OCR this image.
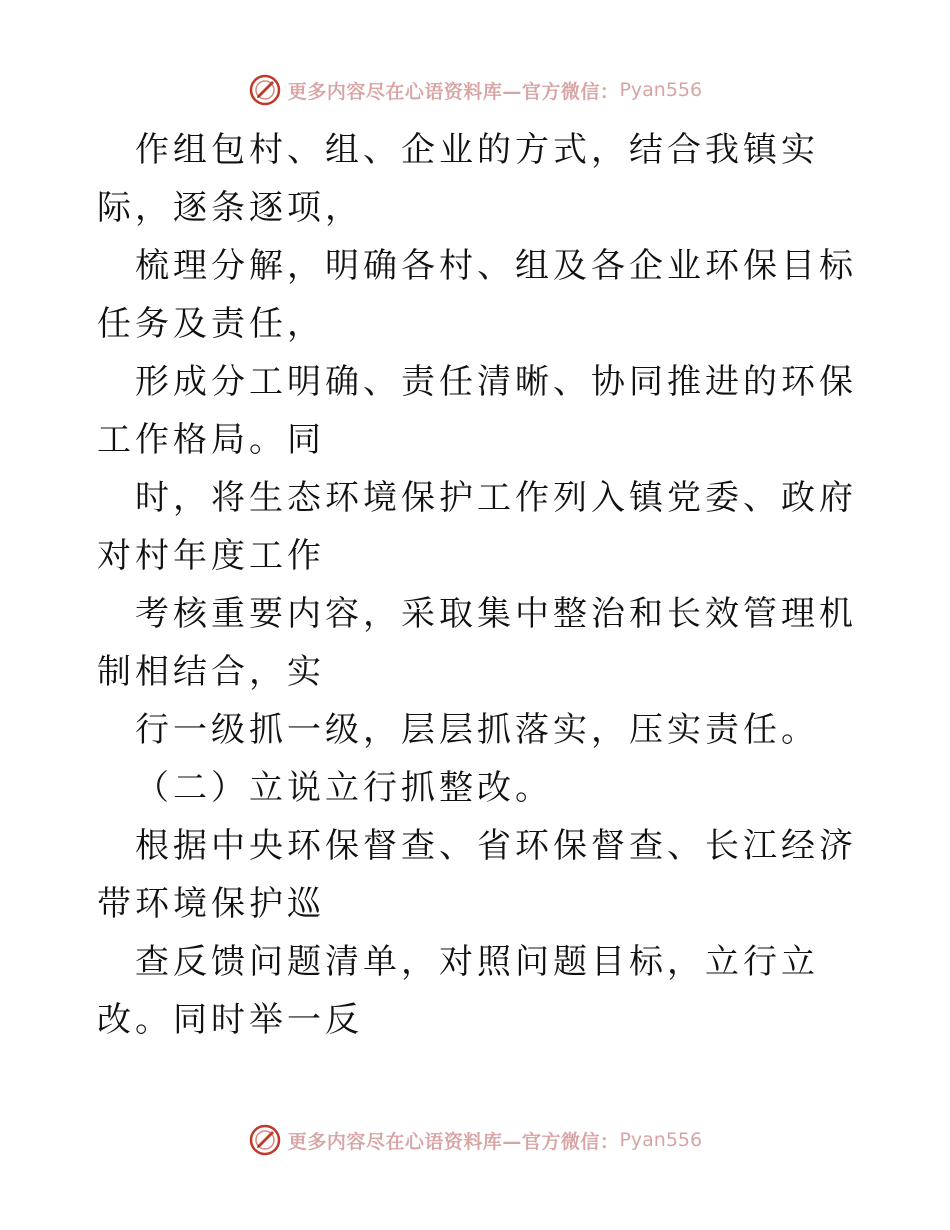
更多内容尽在心语资料库— 官方微信： Pyan556

作组包村、组、企业的方式，结合我镇实际，逐条逐项，

梳理分解，明确各村、组及各企业环保目标任务及责任，

形成分工明确、责任清晰、协同推进的环保工作格局。同

时，将生态环境保护工作列入镇党委、政府对村年度工作

考核重要内容，采取集中整治和长效管理机制相结合，实

行一级抓一级，层层抓落实，压实责任。

（二）立说立行抓整改。

根据中央环保督查、省环保督查、长江经济带环境保护巡

查反馈问题清单，对照问题目标，立行立改。同时举一反

更多内容尽在心语资料库— 官方微信： Pyan556
